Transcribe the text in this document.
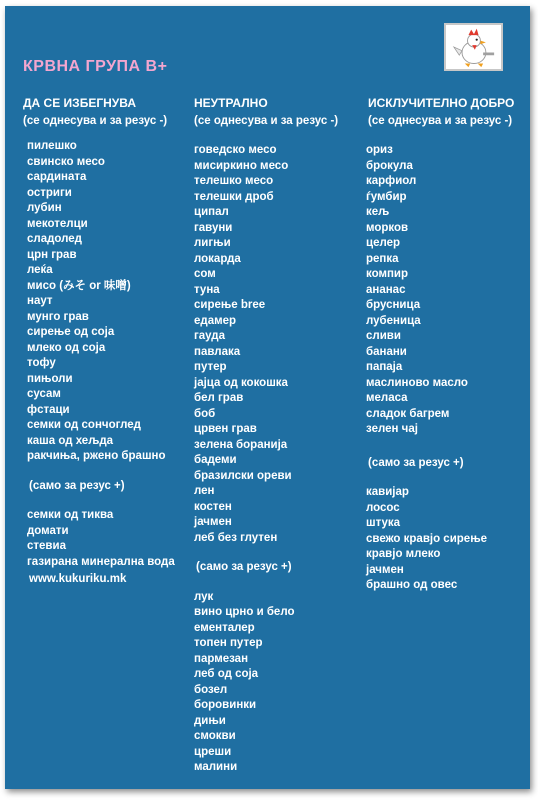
КРВНА ГРУПА В+
ДА СЕ ИЗБЕГНУВА
(се однесува и за резус -)
пилешко
свинско месо
сардината
остриги
лубин
мекотелци
сладолед
црн грав
леќа
мисо (みそ or 味噌)
наут
мунго грав
сирење од соја
млеко од соја
тофу
пињоли
сусам
фстаци
семки од сончоглед
каша од хељда
ракчиња, ржено брашно
(само за резус +)
семки од тиква
домати
стевиа
газирана минерална вода
www.kukuriku.mk
НЕУТРАЛНО
(се однесува и за резус -)
говедско месо
мисиркино месо
телешко месо
телешки дроб
ципал
гавуни
лигњи
локарда
сом
туна
сирење bree
едамер
гауда
павлака
путер
јајца од кокошка
бел грав
боб
црвен грав
зелена боранија
бадеми
бразилски ореви
лен
костен
јачмен
леб без глутен
(само за резус +)
лук
вино црно и бело
ементалер
топен путер
пармезан
леб од соја
бозел
боровинки
дињи
смокви
цреши
малини
ИСКЛУЧИТЕЛНО ДОБРО
(се однесува и за резус -)
ориз
брокула
карфиол
ѓумбир
кељ
морков
целер
репка
компир
ананас
брусница
лубеница
сливи
банани
папаја
маслиново масло
меласа
сладок багрем
зелен чај
(само за резус +)
кавијар
лосос
штука
свежо кравјо сирење
кравјо млеко
јачмен
брашно од овес
